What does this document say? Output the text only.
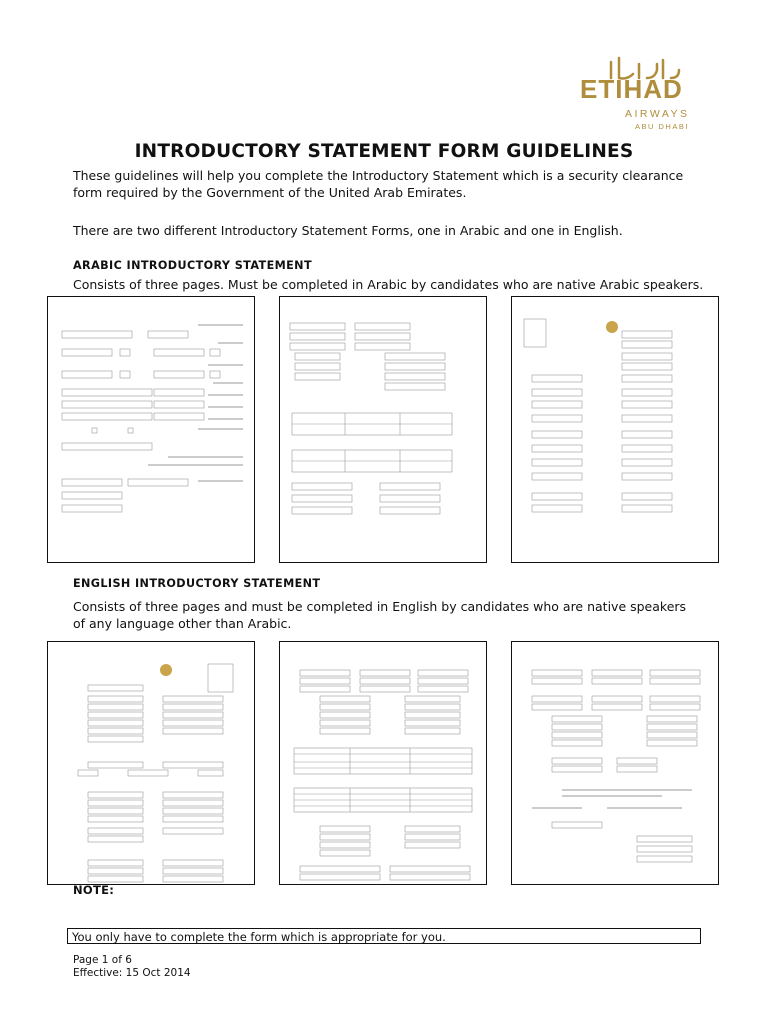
ETIHAD
AIRWAYS
ABU DHABI
INTRODUCTORY STATEMENT FORM GUIDELINES
These guidelines will help you complete the Introductory Statement which is a security clearance form required by the Government of the United Arab Emirates.
There are two different Introductory Statement Forms, one in Arabic and one in English.
ARABIC INTRODUCTORY STATEMENT
Consists of three pages. Must be completed in Arabic by candidates who are native Arabic speakers.
ENGLISH INTRODUCTORY STATEMENT
Consists of three pages and must be completed in English by candidates who are native speakers of any language other than Arabic.
NOTE:
You only have to complete the form which is appropriate for you.
Page 1 of 6
Effective: 15 Oct 2014
